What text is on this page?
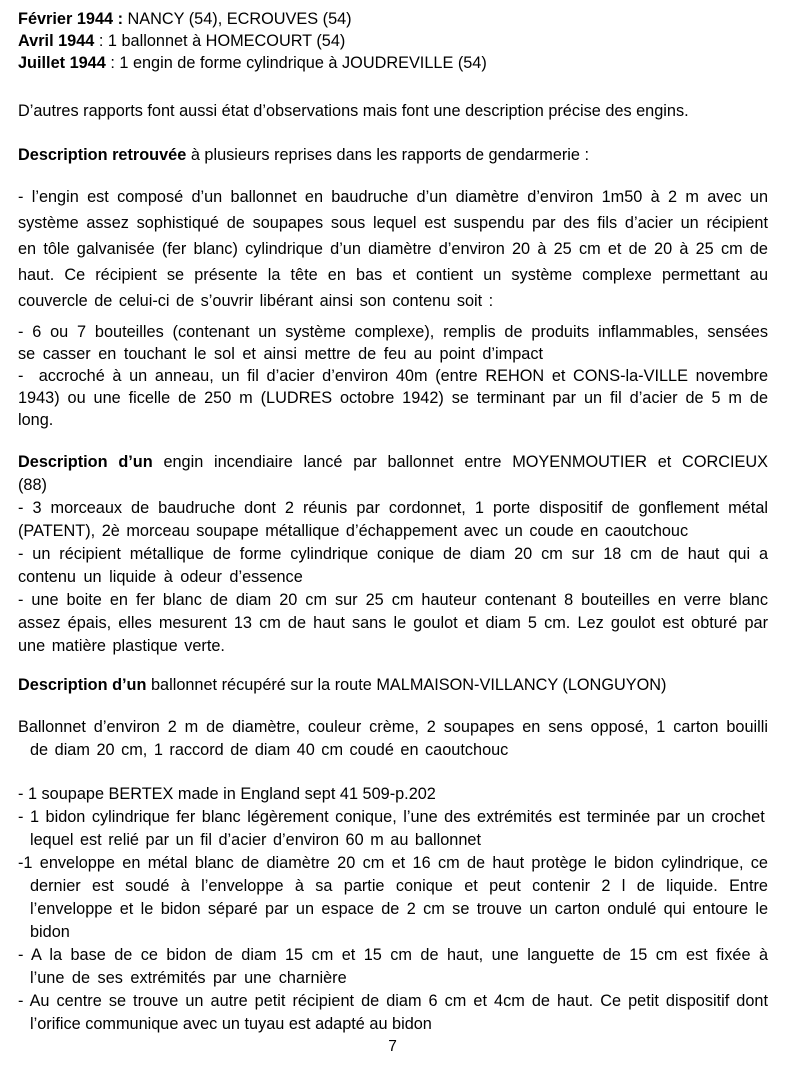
Février 1944 : NANCY (54), ECROUVES (54)

Avril 1944 : 1 ballonnet à HOMECOURT (54)

Juillet 1944 : 1 engin de forme cylindrique à JOUDREVILLE (54)

D’autres rapports font aussi état d’observations mais font une description précise des engins.

Description retrouvée à plusieurs reprises dans les rapports de gendarmerie :

- l’engin est composé d’un ballonnet en baudruche d’un diamètre d’environ 1m50 à 2 m avec un système assez sophistiqué de soupapes sous lequel est suspendu par des fils d’acier un récipient en tôle galvanisée (fer blanc) cylindrique d’un diamètre d’environ 20 à 25 cm et de 20 à 25 cm de haut. Ce récipient se présente la tête en bas et contient un système complexe permettant au couvercle de celui-ci de s’ouvrir libérant ainsi son contenu soit :

- 6 ou 7 bouteilles (contenant un système complexe), remplis de produits inflammables, sensées se casser en touchant le sol et ainsi mettre de feu au point d’impact

-  accroché à un anneau, un fil d’acier d’environ 40m (entre REHON et CONS-la-VILLE novembre 1943) ou une ficelle de 250 m (LUDRES octobre 1942) se terminant par un fil d’acier de 5 m de long.

Description d’un engin incendiaire lancé par ballonnet entre MOYENMOUTIER et CORCIEUX (88)

- 3 morceaux de baudruche dont 2 réunis par cordonnet, 1 porte dispositif de gonflement métal (PATENT), 2è morceau soupape métallique d’échappement avec un coude en caoutchouc

- un récipient métallique de forme cylindrique conique de diam 20 cm sur 18 cm de haut qui a contenu un liquide à odeur d’essence

- une boite en fer blanc de diam 20 cm sur 25 cm hauteur contenant 8 bouteilles en verre blanc assez épais, elles mesurent 13 cm de haut sans le goulot et diam 5 cm. Lez goulot est obturé par une matière plastique verte.

Description d’un ballonnet récupéré sur la route MALMAISON-VILLANCY (LONGUYON)

Ballonnet d’environ 2 m de diamètre, couleur crème, 2 soupapes en sens opposé, 1 carton bouilli de diam 20 cm, 1 raccord de diam 40 cm coudé en caoutchouc

- 1 soupape BERTEX made in England sept 41 509-p.202

- 1 bidon cylindrique fer blanc légèrement conique, l’une des extrémités est terminée par un crochet lequel est relié par un fil d’acier d’environ 60 m au ballonnet

-1 enveloppe en métal blanc de diamètre 20 cm et 16 cm de haut protège le bidon cylindrique, ce dernier est soudé à l’enveloppe à sa partie conique et peut contenir 2 l de liquide. Entre l’enveloppe et le bidon séparé par un espace de 2 cm se trouve un carton ondulé qui entoure le bidon

- A la base de ce bidon de diam 15 cm et 15 cm de haut, une languette de 15 cm est fixée à l’une de ses extrémités par une charnière

- Au centre se trouve un autre petit récipient de diam 6 cm et 4cm de haut. Ce petit dispositif dont l’orifice communique avec un tuyau est adapté au bidon

7
